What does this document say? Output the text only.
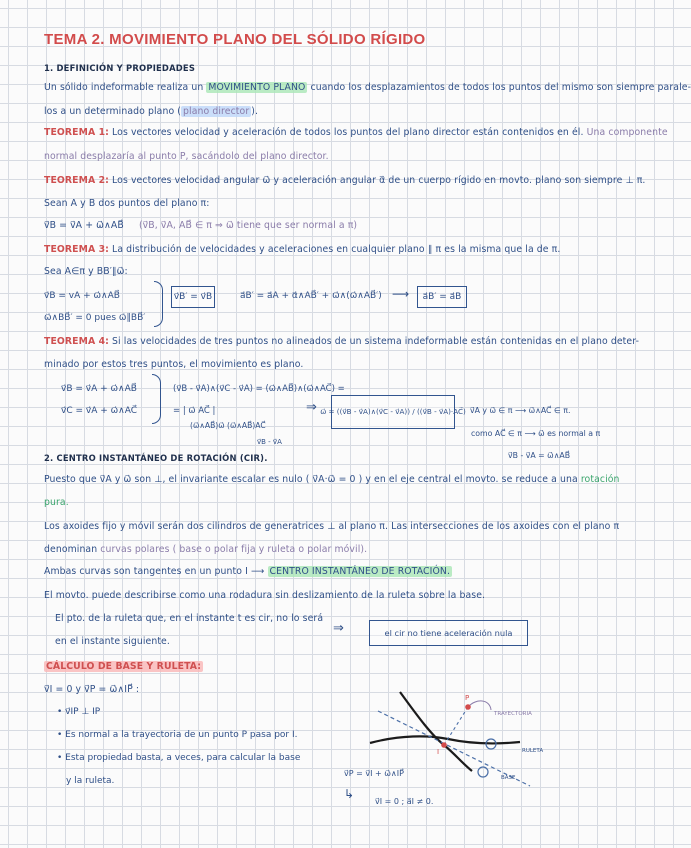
TEMA 2. MOVIMIENTO PLANO DEL SÓLIDO RÍGIDO
1. DEFINICIÓN Y PROPIEDADES
Un sólido indeformable realiza un MOVIMIENTO PLANO cuando los desplazamientos de todos los puntos del mismo son siempre parale-
los a un determinado plano ( plano director ).
TEOREMA 1: Los vectores velocidad y aceleración de todos los puntos del plano director están contenidos en él. Una componente
normal desplazaría al punto P, sacándolo del plano director.
TEOREMA 2: Los vectores velocidad angular ω⃗ y aceleración angular α⃗ de un cuerpo rígido en movto. plano son siempre ⊥ π.
Sean A y B dos puntos del plano π:
v⃗B = v⃗A + ω⃗∧AB⃗ (v⃗B, v⃗A, AB⃗ ∈ π ⇒ ω⃗ tiene que ser normal a π)
TEOREMA 3: La distribución de velocidades y aceleraciones en cualquier plano ∥ π es la misma que la de π.
Sea A∈π y BB′∥ω⃗:
v⃗B = vA + ω⃗∧AB⃗
ω⃗∧BB⃗′ = 0 pues ω⃗∥BB⃗′
v⃗B′ = v⃗B	a⃗B′ = a⃗A + α⃗∧AB⃗′ + ω⃗∧(ω⃗∧AB⃗′) ⟶ a⃗B′ = a⃗B
TEOREMA 4: Si las velocidades de tres puntos no alineados de un sistema indeformable están contenidas en el plano deter-
minado por estos tres puntos, el movimiento es plano.
v⃗B = v⃗A + ω⃗∧AB⃗
v⃗C = v⃗A + ω⃗∧AC⃗
(v⃗B - v⃗A)∧(v⃗C - v⃗A) = (ω⃗∧AB⃗)∧(ω⃗∧AC⃗) =
= | ω⃗ AC⃗ |
(ω⃗∧AB⃗)ω⃗ (ω⃗∧AB⃗)AC⃗
v⃗B - v⃗A
⇒ ω⃗ = ((v⃗B - v⃗A)∧(v⃗C - v⃗A)) / ((v⃗B - v⃗A)·AC⃗) v⃗A y ω⃗ ∈ π ⟶ ω⃗∧AC⃗ ∈ π.
como AC⃗ ∈ π ⟶ ω⃗ es normal a π
v⃗B - v⃗A = ω⃗∧AB⃗
2. CENTRO INSTANTÁNEO DE ROTACIÓN (CIR).
Puesto que v⃗A y ω⃗ son ⊥, el invariante escalar es nulo ( v⃗A·ω⃗ = 0 ) y en el eje central el movto. se reduce a una rotación
pura.
Los axoides fijo y móvil serán dos cilindros de generatrices ⊥ al plano π. Las intersecciones de los axoides con el plano π
denominan curvas polares ( base o polar fija y ruleta o polar móvil).
Ambas curvas son tangentes en un punto I ⟶ CENTRO INSTANTÁNEO DE ROTACIÓN.
El movto. puede describirse como una rodadura sin deslizamiento de la ruleta sobre la base.
El pto. de la ruleta que, en el instante t es cir, no lo será
en el instante siguiente.
⇒	el cir no tiene aceleración nula
CÁLCULO DE BASE Y RULETA:
v⃗I = 0 y v⃗P = ω⃗∧IP⃗ :
• v⃗IP ⊥ IP
• Es normal a la trayectoria de un punto P pasa por I.
• Esta propiedad basta, a veces, para calcular la base
y la ruleta.
P
I
TRAYECTORIA
RULETA
BASE
v⃗P = v⃗I + ω⃗∧IP⃗
↳
v⃗I = 0 ; a⃗I ≠ 0.
